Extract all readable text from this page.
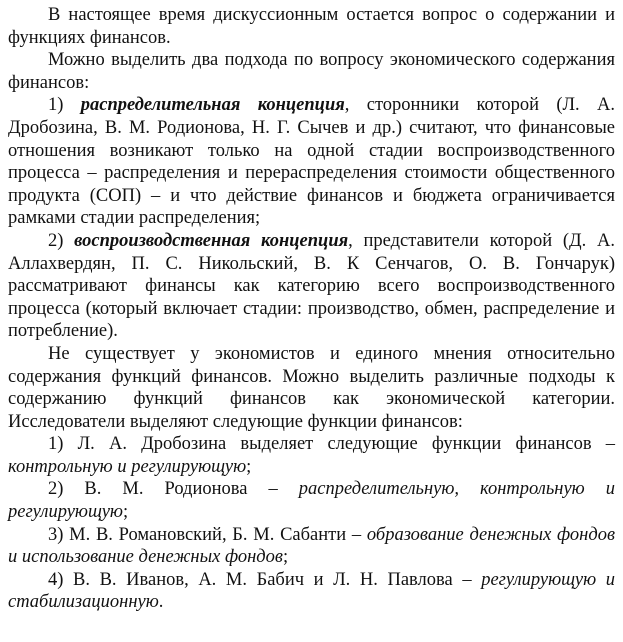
В настоящее время дискуссионным остается вопрос о содержании и функциях финансов.

Можно выделить два подхода по вопросу экономического содержания финансов:

1) распределительная концепция, сторонники которой (Л. А. Дробозина, В. М. Родионова, Н. Г. Сычев и др.) считают, что финансовые отношения возникают только на одной стадии воспроизводственного процесса – распределения и перераспределения стоимости общественного продукта (СОП) – и что действие финансов и бюджета ограничивается рамками стадии распределения;

2) воспроизводственная концепция, представители которой (Д. А. Аллахвердян, П. С. Никольский, В. К Сенчагов, О. В. Гончарук) рассматривают финансы как категорию всего воспроизводственного процесса (который включает стадии: производство, обмен, распределение и потребление).

Не существует у экономистов и единого мнения относительно содержания функций финансов. Можно выделить различные подходы к содержанию функций финансов как экономической категории. Исследователи выделяют следующие функции финансов:

1) Л. А. Дробозина выделяет следующие функции финансов – контрольную и регулирующую;

2) В. М. Родионова – распределительную, контрольную и регулирующую;

3) М. В. Романовский, Б. М. Сабанти – образование денежных фондов и использование денежных фондов;

4) В. В. Иванов, А. М. Бабич и Л. Н. Павлова – регулирующую и стабилизационную.
